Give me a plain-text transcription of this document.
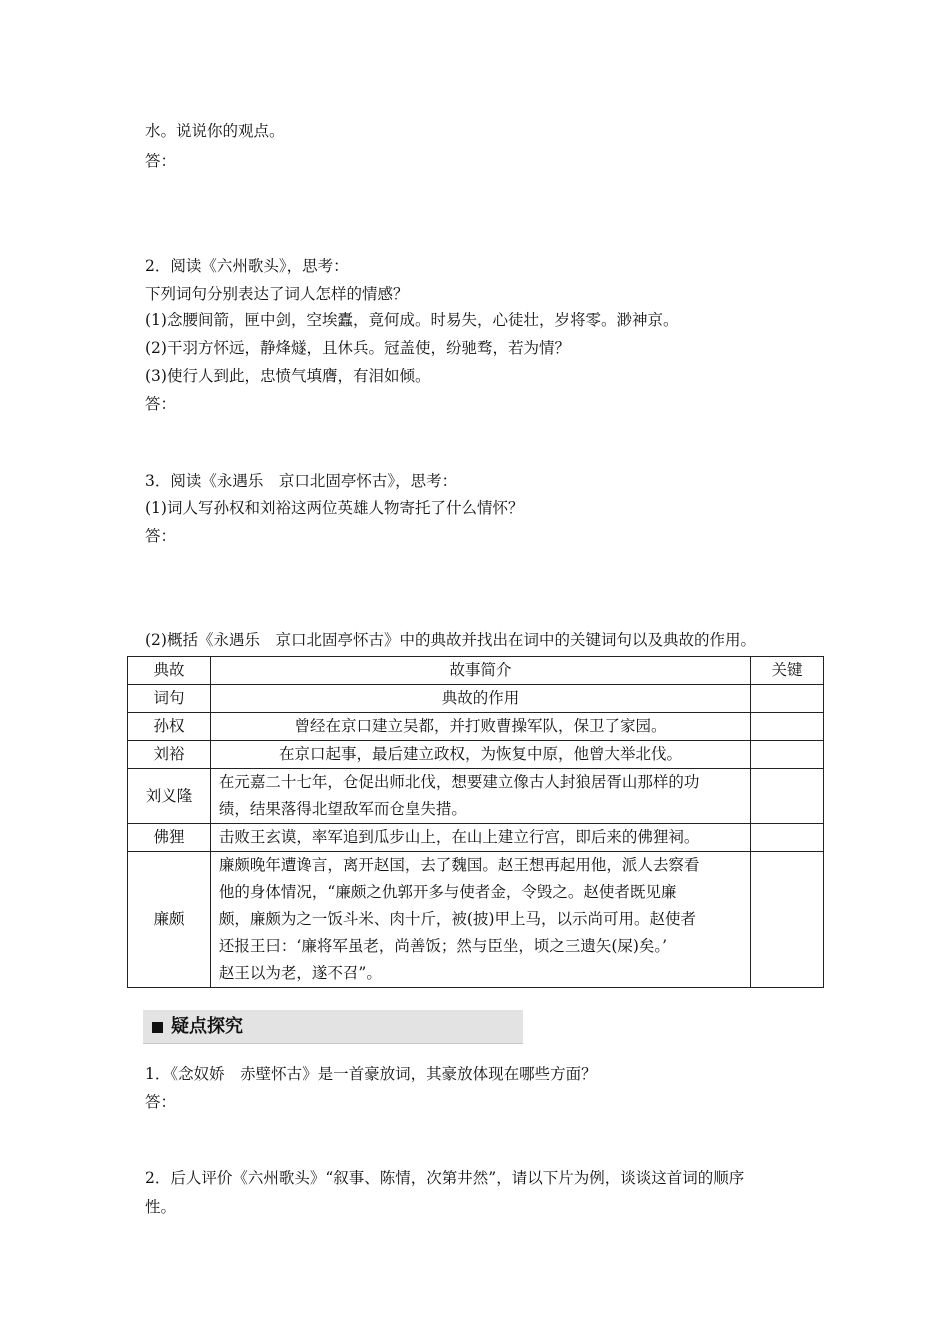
水。说说你的观点。
答：
2．阅读《六州歌头》，思考：
下列词句分别表达了词人怎样的情感？
(1)念腰间箭，匣中剑，空埃蠹，竟何成。时易失，心徒壮，岁将零。渺神京。
(2)干羽方怀远，静烽燧，且休兵。冠盖使，纷驰骛，若为情？
(3)使行人到此，忠愤气填膺，有泪如倾。
答：
3．阅读《永遇乐　京口北固亭怀古》，思考：
(1)词人写孙权和刘裕这两位英雄人物寄托了什么情怀？
答：
(2)概括《永遇乐　京口北固亭怀古》中的典故并找出在词中的关键词句以及典故的作用。
典故	故事简介	关键
词句	典故的作用	
孙权	曾经在京口建立吴都，并打败曹操军队，保卫了家园。	
刘裕	在京口起事，最后建立政权，为恢复中原，他曾大举北伐。	
刘义隆	在元嘉二十七年，仓促出师北伐，想要建立像古人封狼居胥山那样的功
绩，结果落得北望敌军而仓皇失措。	

佛狸	击败王玄谟，率军追到瓜步山上，在山上建立行宫，即后来的佛狸祠。	
廉颇	廉颇晚年遭谗言，离开赵国，去了魏国。赵王想再起用他，派人去察看
他的身体情况，“廉颇之仇郭开多与使者金，令毁之。赵使者既见廉
颇，廉颇为之一饭斗米、肉十斤，被(披)甲上马，以示尚可用。赵使者
还报王曰：‘廉将军虽老，尚善饭；然与臣坐，顷之三遗矢(屎)矣。’
赵王以为老，遂不召”。	

疑点探究
1．《念奴娇　赤壁怀古》是一首豪放词，其豪放体现在哪些方面？
答：
2．后人评价《六州歌头》“叙事、陈情，次第井然”，请以下片为例，谈谈这首词的顺序
性。
